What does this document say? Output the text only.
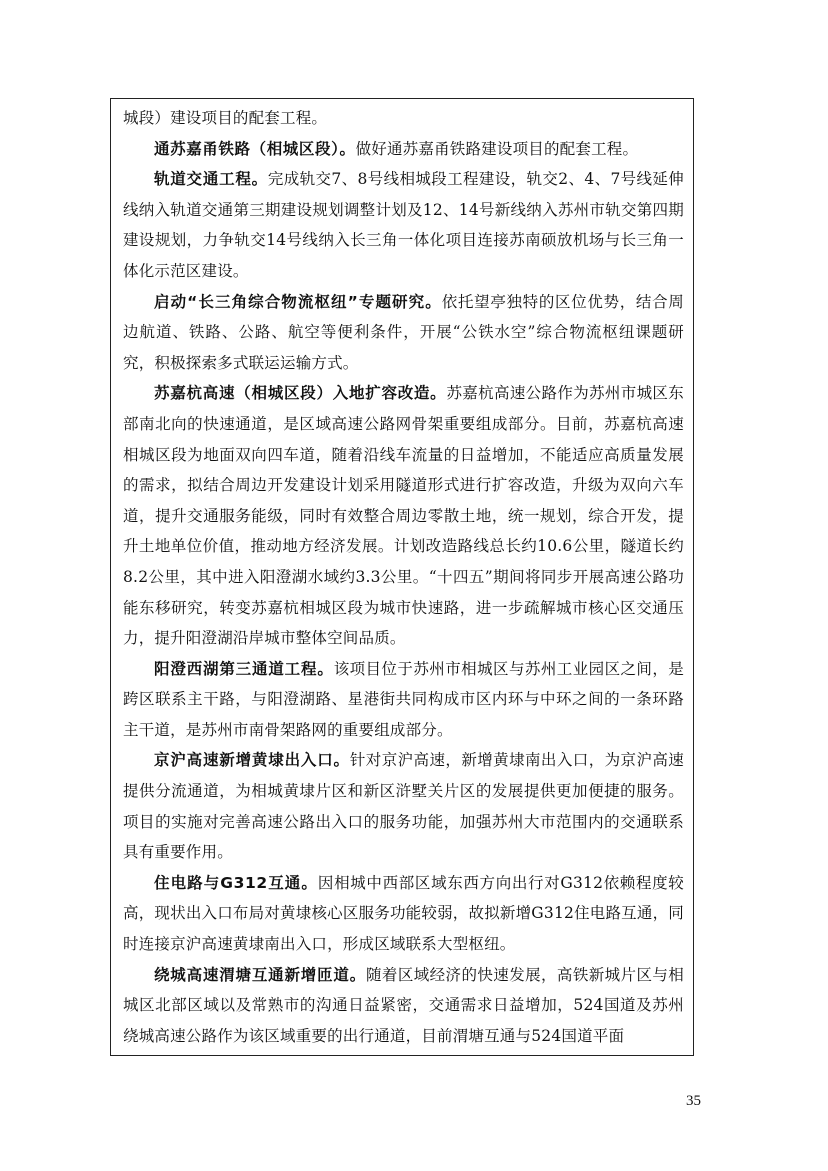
城段）建设项目的配套工程。

通苏嘉甬铁路（相城区段）。做好通苏嘉甬铁路建设项目的配套工程。

轨道交通工程。完成轨交7、8号线相城段工程建设，轨交2、4、7号线延伸线纳入轨道交通第三期建设规划调整计划及12、14号新线纳入苏州市轨交第四期建设规划，力争轨交14号线纳入长三角一体化项目连接苏南硕放机场与长三角一体化示范区建设。

启动“长三角综合物流枢纽”专题研究。依托望亭独特的区位优势，结合周边航道、铁路、公路、航空等便利条件，开展“公铁水空”综合物流枢纽课题研究，积极探索多式联运运输方式。

苏嘉杭高速（相城区段）入地扩容改造。苏嘉杭高速公路作为苏州市城区东部南北向的快速通道，是区域高速公路网骨架重要组成部分。目前，苏嘉杭高速相城区段为地面双向四车道，随着沿线车流量的日益增加，不能适应高质量发展的需求，拟结合周边开发建设计划采用隧道形式进行扩容改造，升级为双向六车道，提升交通服务能级，同时有效整合周边零散土地，统一规划，综合开发，提升土地单位价值，推动地方经济发展。计划改造路线总长约10.6公里，隧道长约8.2公里，其中进入阳澄湖水域约3.3公里。“十四五”期间将同步开展高速公路功能东移研究，转变苏嘉杭相城区段为城市快速路，进一步疏解城市核心区交通压力，提升阳澄湖沿岸城市整体空间品质。

阳澄西湖第三通道工程。该项目位于苏州市相城区与苏州工业园区之间，是跨区联系主干路，与阳澄湖路、星港街共同构成市区内环与中环之间的一条环路主干道，是苏州市南骨架路网的重要组成部分。

京沪高速新增黄埭出入口。针对京沪高速，新增黄埭南出入口，为京沪高速提供分流通道，为相城黄埭片区和新区浒墅关片区的发展提供更加便捷的服务。项目的实施对完善高速公路出入口的服务功能，加强苏州大市范围内的交通联系具有重要作用。

住电路与G312互通。因相城中西部区域东西方向出行对G312依赖程度较高，现状出入口布局对黄埭核心区服务功能较弱，故拟新增G312住电路互通，同时连接京沪高速黄埭南出入口，形成区域联系大型枢纽。

绕城高速渭塘互通新增匝道。随着区域经济的快速发展，高铁新城片区与相城区北部区域以及常熟市的沟通日益紧密，交通需求日益增加，524国道及苏州绕城高速公路作为该区域重要的出行通道，目前渭塘互通与524国道平面

35
